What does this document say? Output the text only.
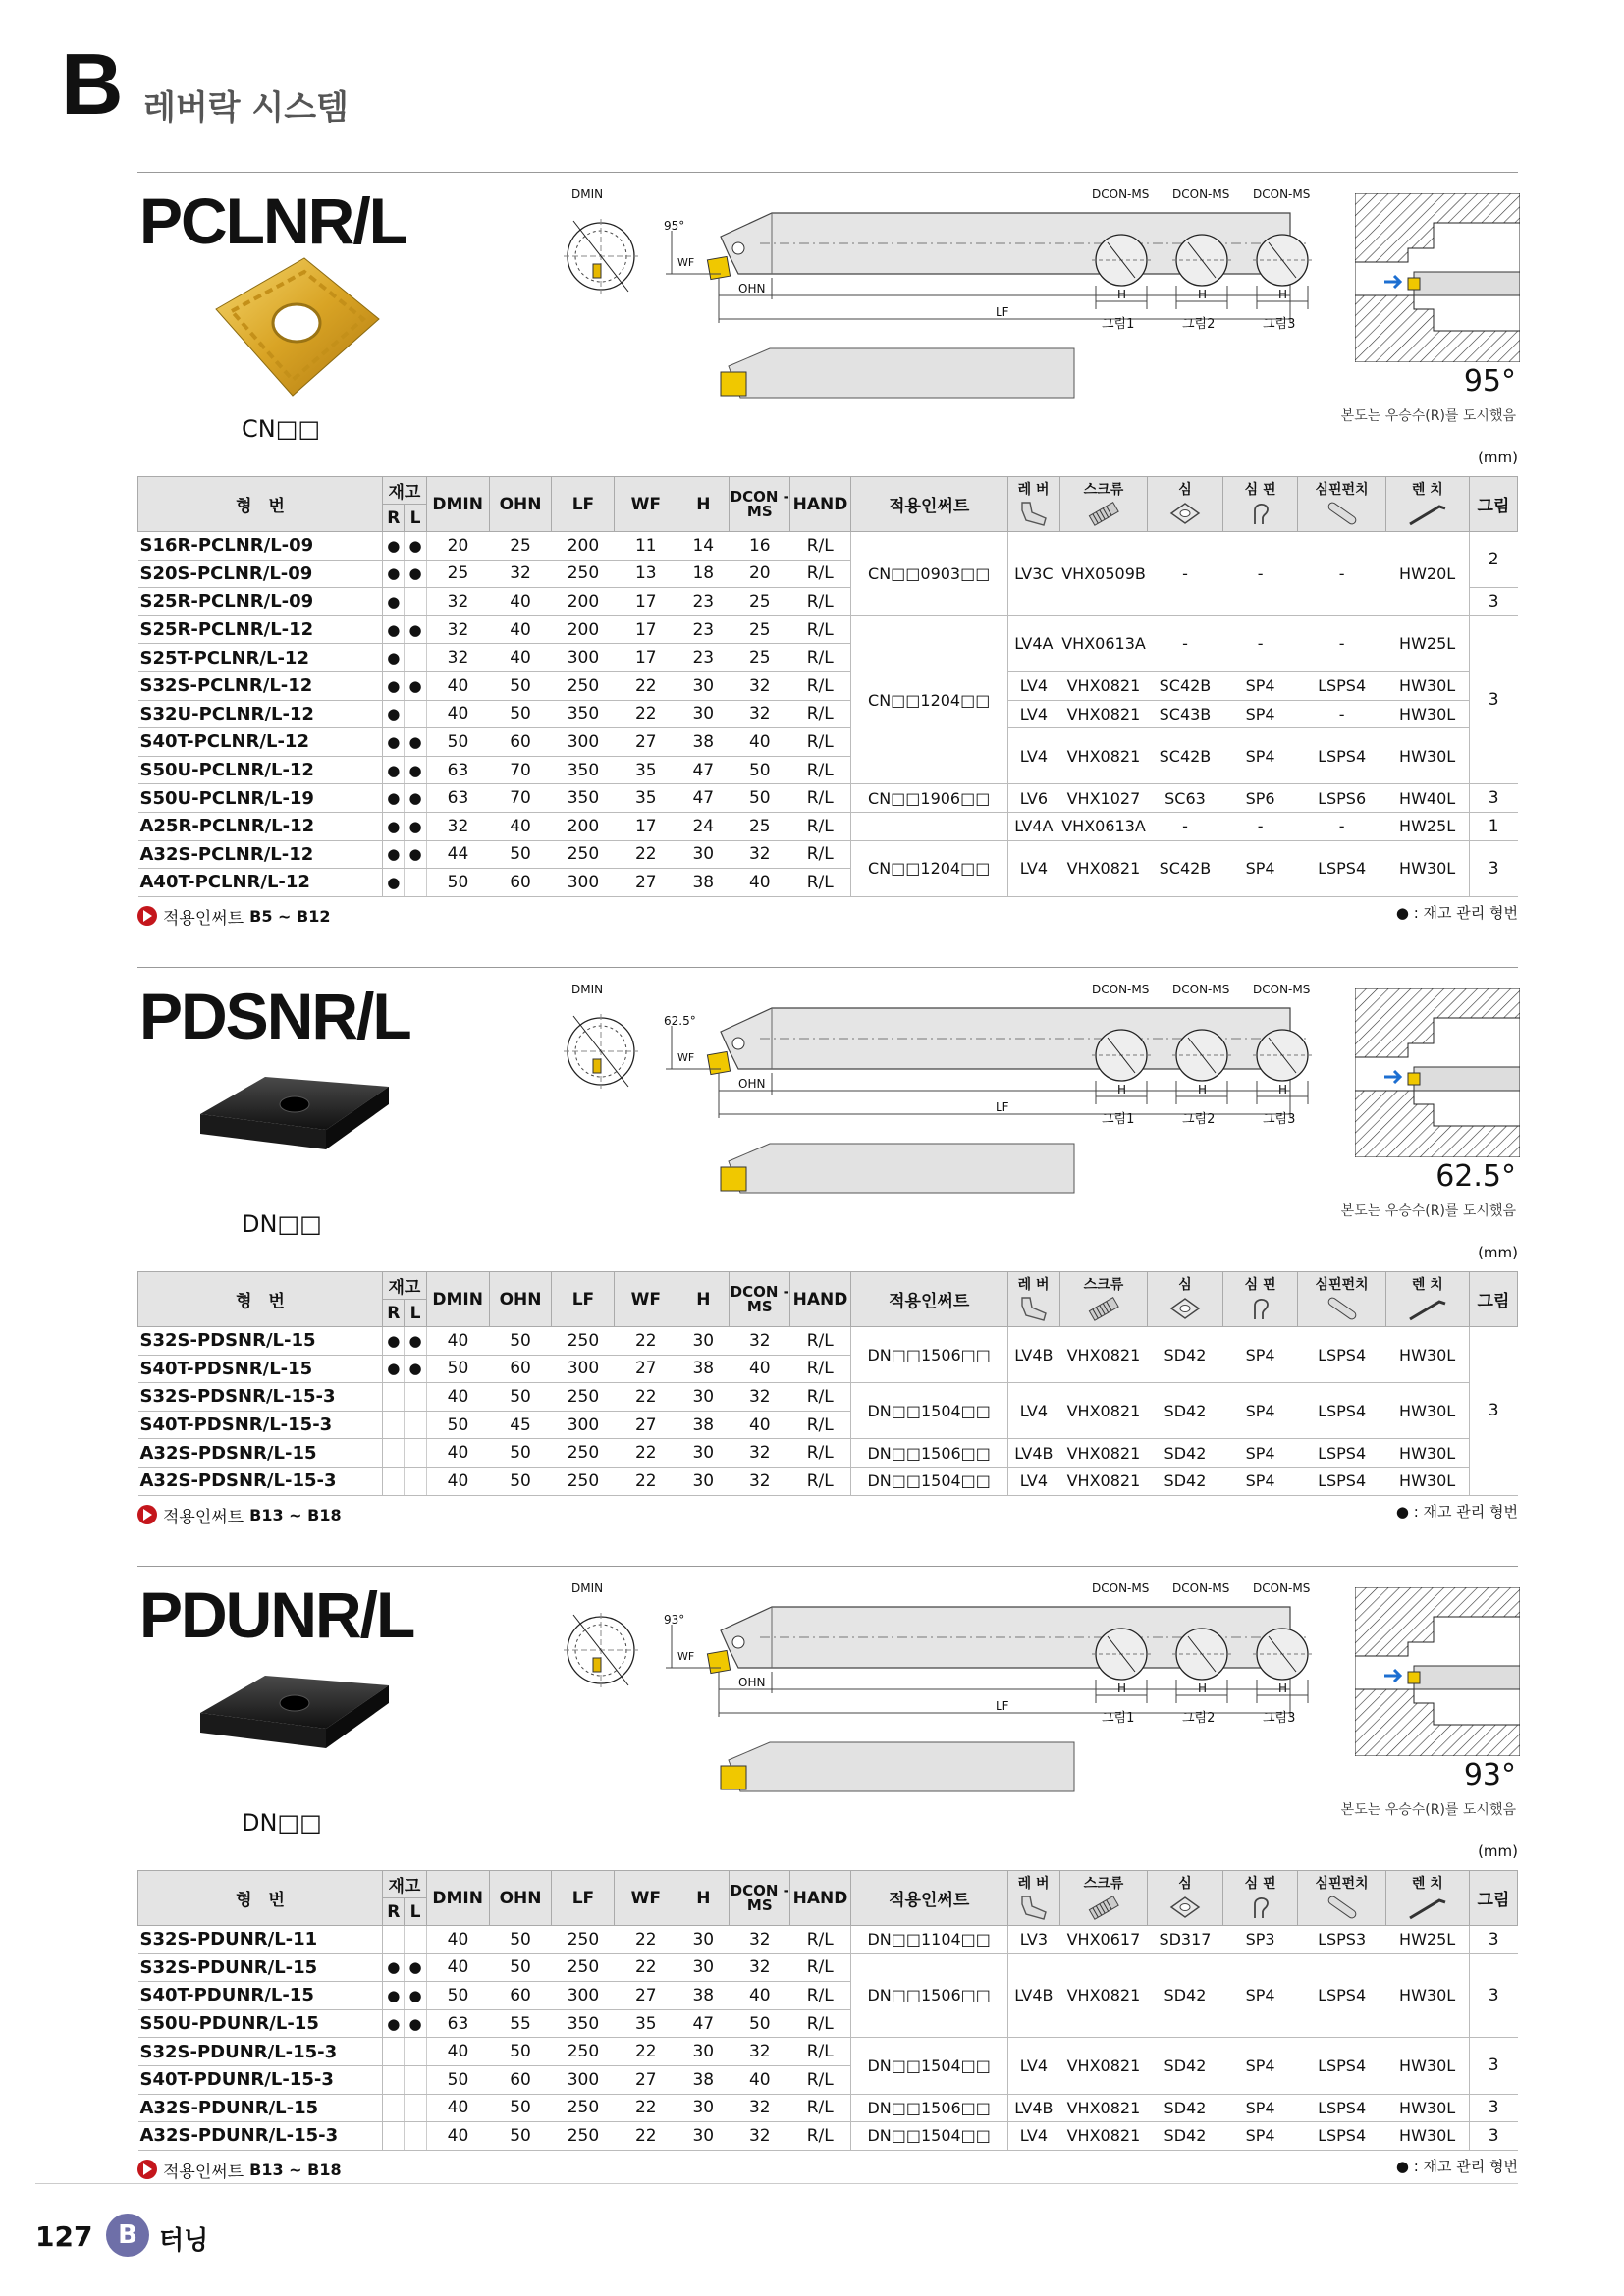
B 레버락 시스템
PCLNR/L
CN□□
DMIN
95°
WF
OHN
LF
DCON-MS
H
그림1
DCON-MS
H
그림2
DCON-MS
H
그림3
95°
본도는 우승수(R)를 도시했음
(mm)
형　번	재고		DMIN	OHN	LF	WF	H	DCON -MS	HAND	적용인써트	레 버	스크류	심	심 핀	심핀펀치	렌 치	그림
	R	L															
S16R-PCLNR/L-09	●	●	20	25	200	11	14	16	R/L	CN□□0903□□	LV3C	VHX0509B	-	-	-	HW20L	2
S20S-PCLNR/L-09	●	●	25	32	250	13	18	20	R/L								
S25R-PCLNR/L-09	●		32	40	200	17	23	25	R/L								3
S25R-PCLNR/L-12	●	●	32	40	200	17	23	25	R/L	CN□□1204□□	LV4A	VHX0613A	-	-	-	HW25L	3
S25T-PCLNR/L-12	●		32	40	300	17	23	25	R/L								
S32S-PCLNR/L-12	●	●	40	50	250	22	30	32	R/L		LV4	VHX0821	SC42B	SP4	LSPS4	HW30L	
S32U-PCLNR/L-12	●		40	50	350	22	30	32	R/L		LV4	VHX0821	SC43B	SP4	-	HW30L	
S40T-PCLNR/L-12	●	●	50	60	300	27	38	40	R/L		LV4	VHX0821	SC42B	SP4	LSPS4	HW30L	
S50U-PCLNR/L-12	●	●	63	70	350	35	47	50	R/L								
S50U-PCLNR/L-19	●	●	63	70	350	35	47	50	R/L	CN□□1906□□	LV6	VHX1027	SC63	SP6	LSPS6	HW40L	3
A25R-PCLNR/L-12	●	●	32	40	200	17	24	25	R/L		LV4A	VHX0613A	-	-	-	HW25L	1
A32S-PCLNR/L-12	●	●	44	50	250	22	30	32	R/L	CN□□1204□□	LV4	VHX0821	SC42B	SP4	LSPS4	HW30L	3
A40T-PCLNR/L-12	●		50	60	300	27	38	40	R/L								
적용인써트 B5 ~ B12	● : 재고 관리 형번
PDSNR/L
DN□□
DMIN
62.5°
WF
OHN
LF
DCON-MS
H
그림1
DCON-MS
H
그림2
DCON-MS
H
그림3
62.5°
본도는 우승수(R)를 도시했음
(mm)
형　번	재고		DMIN	OHN	LF	WF	H	DCON -MS	HAND	적용인써트	레 버	스크류	심	심 핀	심핀펀치	렌 치	그림
	R	L															
S32S-PDSNR/L-15	●	●	40	50	250	22	30	32	R/L	DN□□1506□□	LV4B	VHX0821	SD42	SP4	LSPS4	HW30L	3
S40T-PDSNR/L-15	●	●	50	60	300	27	38	40	R/L								
S32S-PDSNR/L-15-3			40	50	250	22	30	32	R/L	DN□□1504□□	LV4	VHX0821	SD42	SP4	LSPS4	HW30L	
S40T-PDSNR/L-15-3			50	45	300	27	38	40	R/L								
A32S-PDSNR/L-15			40	50	250	22	30	32	R/L	DN□□1506□□	LV4B	VHX0821	SD42	SP4	LSPS4	HW30L	
A32S-PDSNR/L-15-3			40	50	250	22	30	32	R/L	DN□□1504□□	LV4	VHX0821	SD42	SP4	LSPS4	HW30L	
적용인써트 B13 ~ B18	● : 재고 관리 형번
PDUNR/L
DN□□
DMIN
93°
WF
OHN
LF
DCON-MS
H
그림1
DCON-MS
H
그림2
DCON-MS
H
그림3
93°
본도는 우승수(R)를 도시했음
(mm)
형　번	재고		DMIN	OHN	LF	WF	H	DCON -MS	HAND	적용인써트	레 버	스크류	심	심 핀	심핀펀치	렌 치	그림
	R	L															
S32S-PDUNR/L-11			40	50	250	22	30	32	R/L	DN□□1104□□	LV3	VHX0617	SD317	SP3	LSPS3	HW25L	3
S32S-PDUNR/L-15	●	●	40	50	250	22	30	32	R/L	DN□□1506□□	LV4B	VHX0821	SD42	SP4	LSPS4	HW30L	3
S40T-PDUNR/L-15	●	●	50	60	300	27	38	40	R/L								
S50U-PDUNR/L-15	●	●	63	55	350	35	47	50	R/L								
S32S-PDUNR/L-15-3			40	50	250	22	30	32	R/L	DN□□1504□□	LV4	VHX0821	SD42	SP4	LSPS4	HW30L	3
S40T-PDUNR/L-15-3			50	60	300	27	38	40	R/L								
A32S-PDUNR/L-15			40	50	250	22	30	32	R/L	DN□□1506□□	LV4B	VHX0821	SD42	SP4	LSPS4	HW30L	3
A32S-PDUNR/L-15-3			40	50	250	22	30	32	R/L	DN□□1504□□	LV4	VHX0821	SD42	SP4	LSPS4	HW30L	3
적용인써트 B13 ~ B18	● : 재고 관리 형번
127 B 터닝
